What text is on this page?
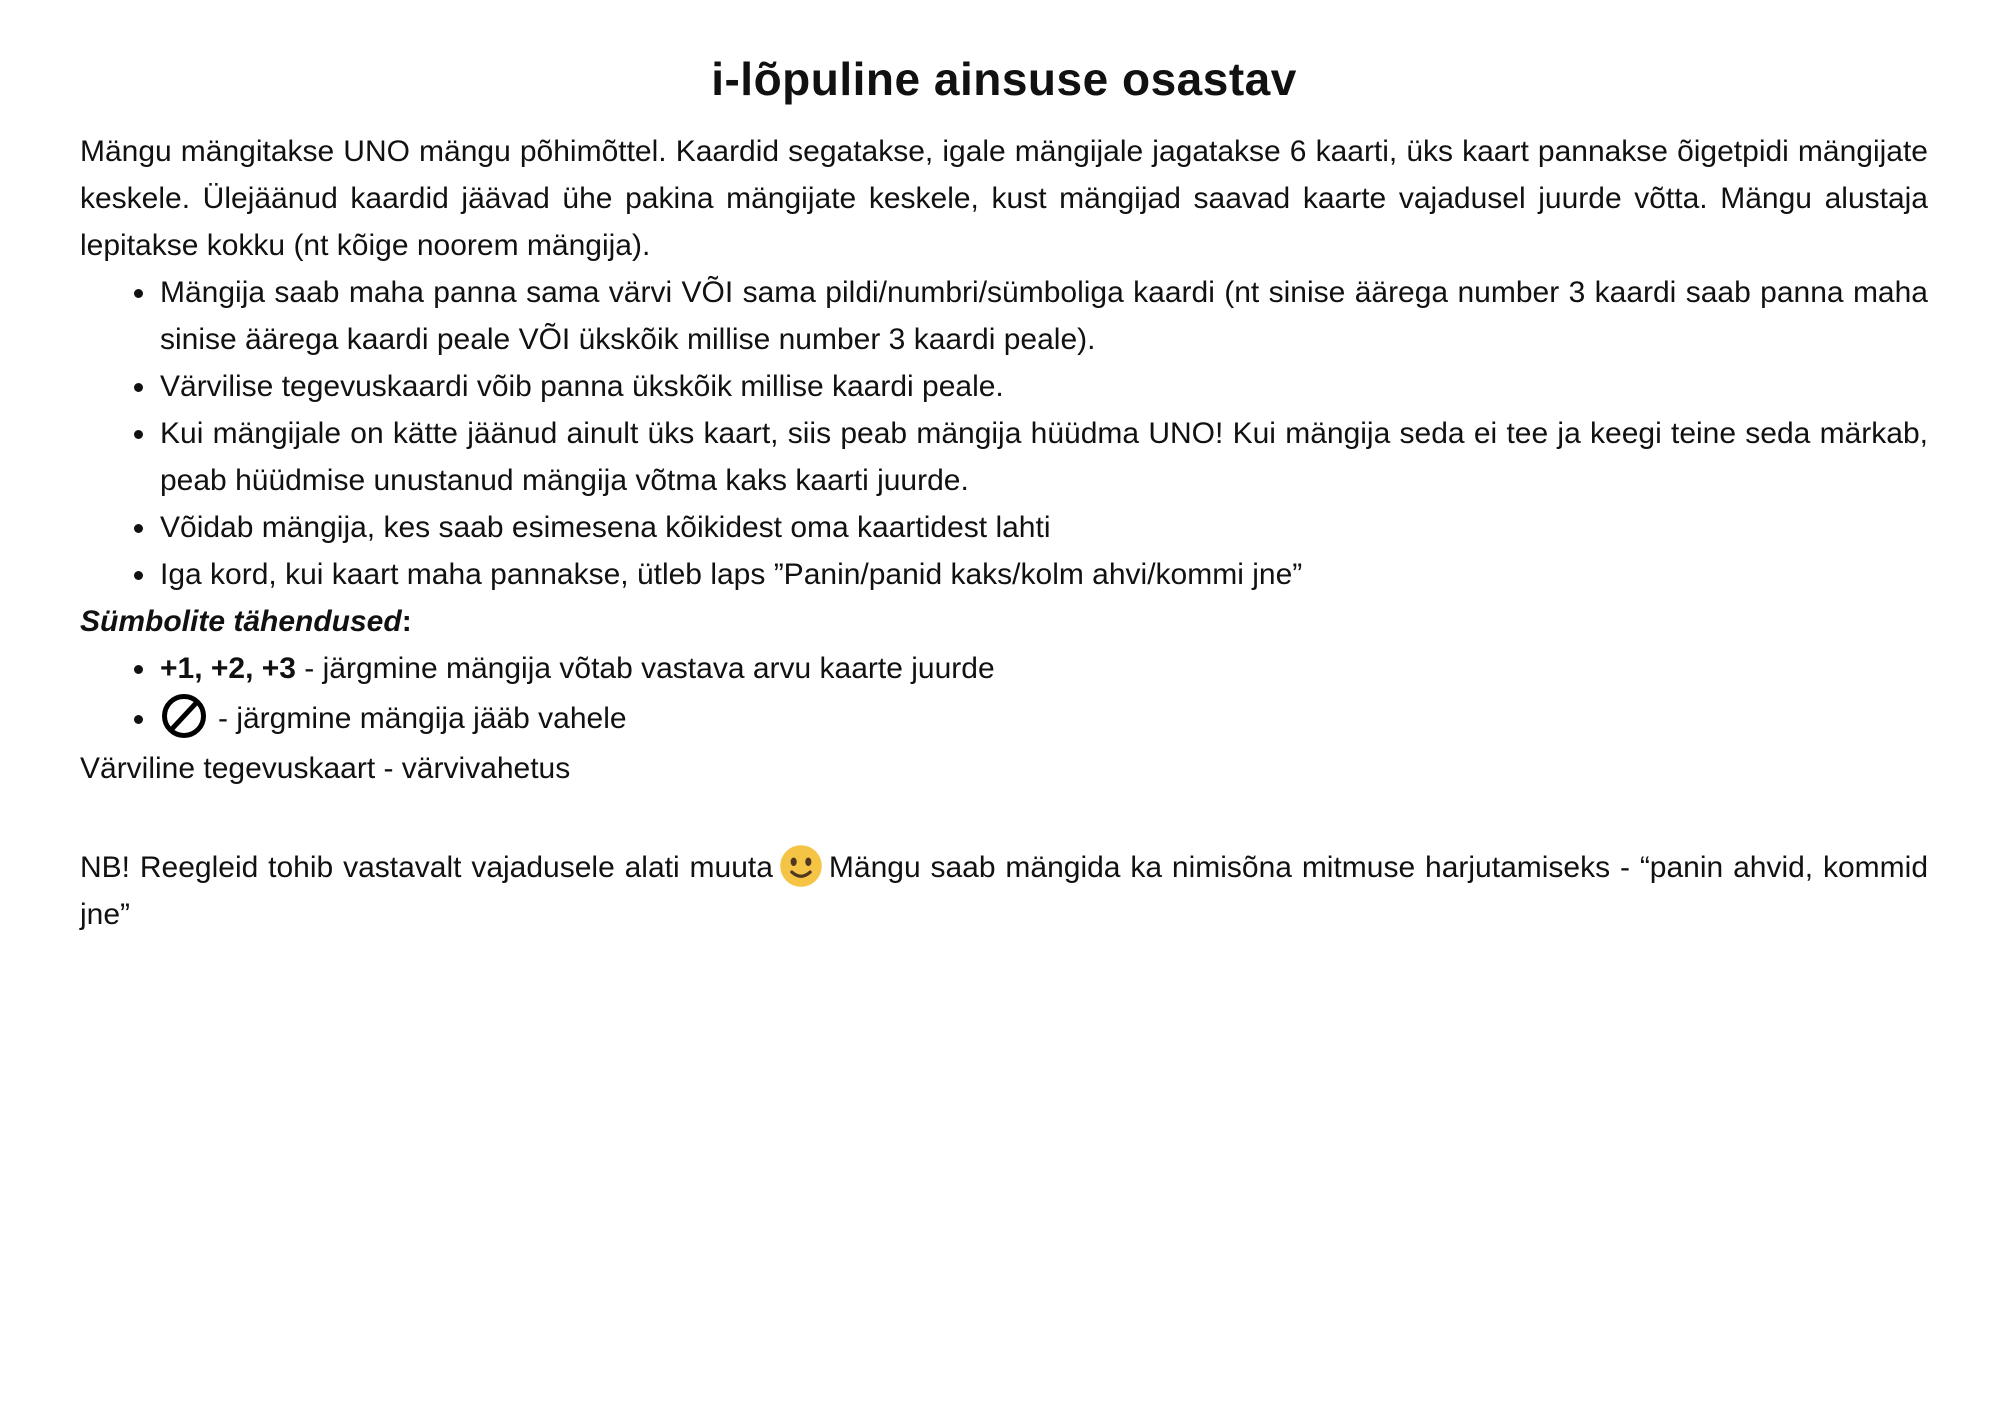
i-lõpuline ainsuse osastav

Mängu mängitakse UNO mängu põhimõttel. Kaardid segatakse, igale mängijale jagatakse 6 kaarti, üks kaart pannakse õigetpidi mängijate keskele. Ülejäänud kaardid jäävad ühe pakina mängijate keskele, kust mängijad saavad kaarte vajadusel juurde võtta. Mängu alustaja lepitakse kokku (nt kõige noorem mängija).

• Mängija saab maha panna sama värvi VÕI sama pildi/numbri/sümboliga kaardi (nt sinise äärega number 3 kaardi saab panna maha sinise äärega kaardi peale VÕI ükskõik millise number 3 kaardi peale).
• Värvilise tegevuskaardi võib panna ükskõik millise kaardi peale.
• Kui mängijale on kätte jäänud ainult üks kaart, siis peab mängija hüüdma UNO! Kui mängija seda ei tee ja keegi teine seda märkab, peab hüüdmise unustanud mängija võtma kaks kaarti juurde.
• Võidab mängija, kes saab esimesena kõikidest oma kaartidest lahti
• Iga kord, kui kaart maha pannakse, ütleb laps ”Panin/panid kaks/kolm ahvi/kommi jne”

Sümbolite tähendused:

• +1, +2, +3 - järgmine mängija võtab vastava arvu kaarte juurde
• - järgmine mängija jääb vahele

Värviline tegevuskaart - värvivahetus

NB! Reegleid tohib vastavalt vajadusele alati muuta Mängu saab mängida ka nimisõna mitmuse harjutamiseks - “panin ahvid, kommid jne”
